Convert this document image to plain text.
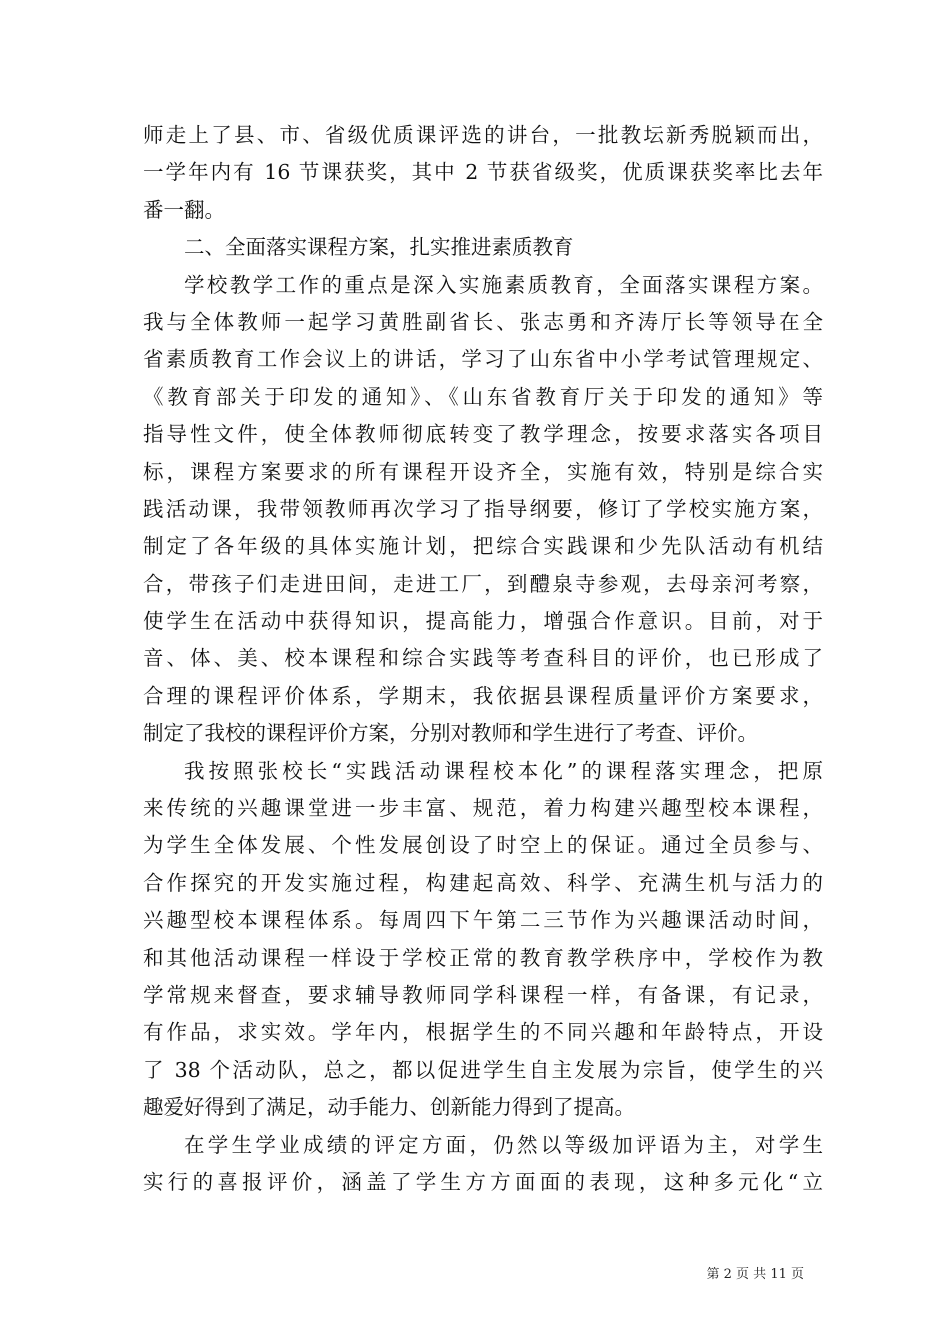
师走上了县、市、省级优质课评选的讲台，一批教坛新秀脱颖而出，
一学年内有 16 节课获奖，其中 2 节获省级奖，优质课获奖率比去年
番一翻。
二、全面落实课程方案，扎实推进素质教育
学校教学工作的重点是深入实施素质教育，全面落实课程方案。
我与全体教师一起学习黄胜副省长、张志勇和齐涛厅长等领导在全
省素质教育工作会议上的讲话，学习了山东省中小学考试管理规定、
《教育部关于印发的通知》、《山东省教育厅关于印发的通知》等
指导性文件，使全体教师彻底转变了教学理念，按要求落实各项目
标，课程方案要求的所有课程开设齐全，实施有效，特别是综合实
践活动课，我带领教师再次学习了指导纲要，修订了学校实施方案，
制定了各年级的具体实施计划，把综合实践课和少先队活动有机结
合，带孩子们走进田间，走进工厂，到醴泉寺参观，去母亲河考察，
使学生在活动中获得知识，提高能力，增强合作意识。目前，对于
音、体、美、校本课程和综合实践等考查科目的评价，也已形成了
合理的课程评价体系，学期末，我依据县课程质量评价方案要求，
制定了我校的课程评价方案，分别对教师和学生进行了考查、评价。
我按照张校长“实践活动课程校本化”的课程落实理念，把原
来传统的兴趣课堂进一步丰富、规范，着力构建兴趣型校本课程，
为学生全体发展、个性发展创设了时空上的保证。通过全员参与、
合作探究的开发实施过程，构建起高效、科学、充满生机与活力的
兴趣型校本课程体系。每周四下午第二三节作为兴趣课活动时间，
和其他活动课程一样设于学校正常的教育教学秩序中，学校作为教
学常规来督查，要求辅导教师同学科课程一样，有备课，有记录，
有作品，求实效。学年内，根据学生的不同兴趣和年龄特点，开设
了 38 个活动队，总之，都以促进学生自主发展为宗旨，使学生的兴
趣爱好得到了满足，动手能力、创新能力得到了提高。
在学生学业成绩的评定方面，仍然以等级加评语为主，对学生
实行的喜报评价，涵盖了学生方方面面的表现，这种多元化“立
第 2 页 共 11 页
